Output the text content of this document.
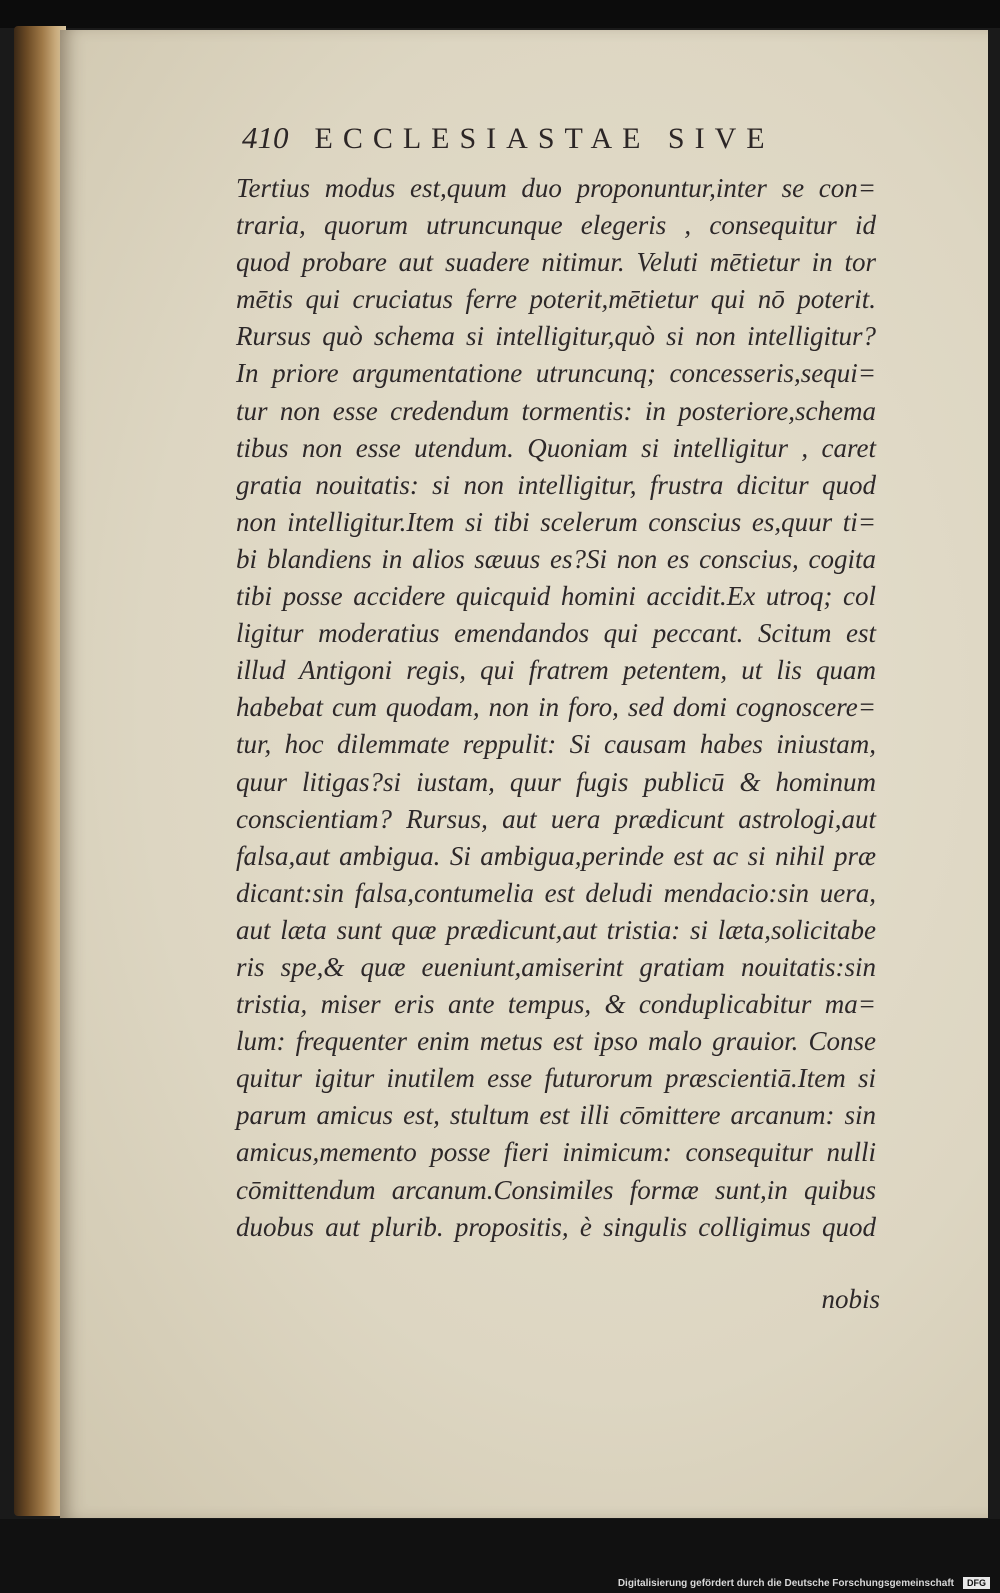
410 ECCLESIASTAE SIVE
Tertius modus est,quum duo proponuntur,inter se con=
traria, quorum utruncunque elegeris , consequitur id
quod probare aut suadere nitimur. Veluti mētietur in tor
mētis qui cruciatus ferre poterit,mētietur qui nō poterit.
Rursus quò schema si intelligitur,quò si non intelligitur?
In priore argumentatione utruncunq; concesseris,sequi=
tur non esse credendum tormentis: in posteriore,schema
tibus non esse utendum. Quoniam si intelligitur , caret
gratia nouitatis: si non intelligitur, frustra dicitur quod
non intelligitur.Item si tibi scelerum conscius es,quur ti=
bi blandiens in alios sæuus es?Si non es conscius, cogita
tibi posse accidere quicquid homini accidit.Ex utroq; col
ligitur moderatius emendandos qui peccant. Scitum est
illud Antigoni regis, qui fratrem petentem, ut lis quam
habebat cum quodam, non in foro, sed domi cognoscere=
tur, hoc dilemmate reppulit: Si causam habes iniustam,
quur litigas?si iustam, quur fugis publicū & hominum
conscientiam? Rursus, aut uera prædicunt astrologi,aut
falsa,aut ambigua. Si ambigua,perinde est ac si nihil præ
dicant:sin falsa,contumelia est deludi mendacio:sin uera,
aut læta sunt quæ prædicunt,aut tristia: si læta,solicitabe
ris spe,& quæ eueniunt,amiserint gratiam nouitatis:sin
tristia, miser eris ante tempus, & conduplicabitur ma=
lum: frequenter enim metus est ipso malo grauior. Conse
quitur igitur inutilem esse futurorum præscientiā.Item si
parum amicus est, stultum est illi cōmittere arcanum: sin
amicus,memento posse fieri inimicum: consequitur nulli
cōmittendum arcanum.Consimiles formæ sunt,in quibus
duobus aut plurib. propositis, è singulis colligimus quod
nobis
Digitalisierung gefördert durch die Deutsche Forschungsgemeinschaft	DFG
